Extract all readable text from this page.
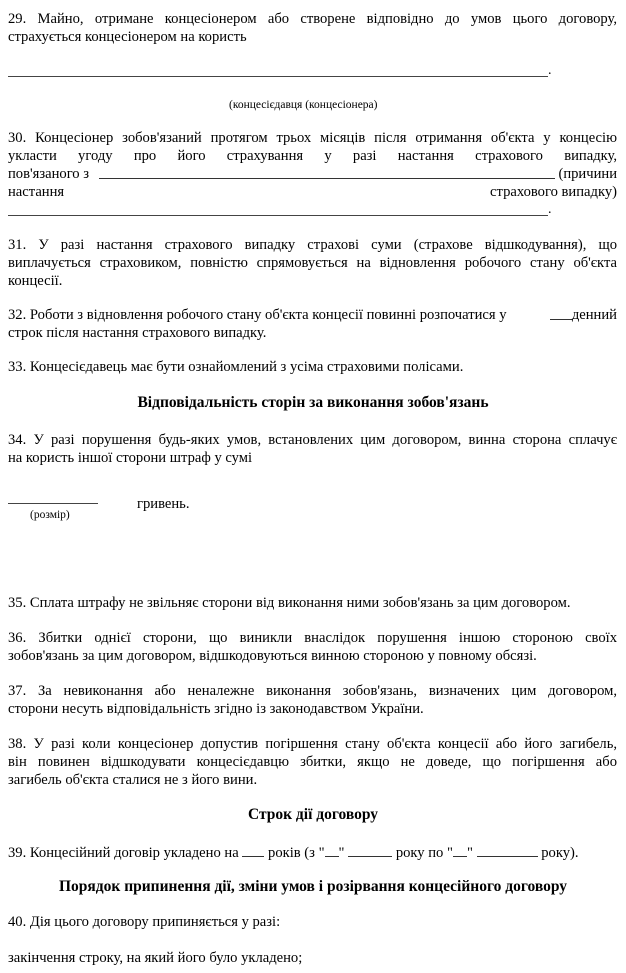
29. Майно, отримане концесіонером або створене відповідно до умов цього договору,
страхується концесіонером на користь
.
(концесієдавця (концесіонера)
30. Концесіонер зобов'язаний протягом трьох місяців після отримання об'єкта у концесію
укласти угоду про його страхування у разі настання страхового випадку,
пов'язаного з	(причини
настання	страхового випадку)
.
31. У разі настання страхового випадку страхові суми (страхове відшкодування), що
виплачується страховиком, повністю спрямовується на відновлення робочого стану об'єкта
концесії.
32. Роботи з відновлення робочого стану об'єкта концесії повинні розпочатися у	денний
строк після настання страхового випадку.
33. Концесієдавець має бути ознайомлений з усіма страховими полісами.
Відповідальність сторін за виконання зобов'язань
34. У разі порушення будь-яких умов, встановлених цим договором, винна сторона сплачує
на користь іншої сторони штраф у сумі
гривень.
(розмір)
35. Сплата штрафу не звільняє сторони від виконання ними зобов'язань за цим договором.
36. Збитки однієї сторони, що виникли внаслідок порушення іншою стороною своїх
зобов'язань за цим договором, відшкодовуються винною стороною у повному обсязі.
37. За невиконання або неналежне виконання зобов'язань, визначених цим договором,
сторони несуть відповідальність згідно із законодавством України.
38. У разі коли концесіонер допустив погіршення стану об'єкта концесії або його загибель,
він повинен відшкодувати концесієдавцю збитки, якщо не доведе, що погіршення або
загибель об'єкта сталися не з його вини.
Строк дії договору
39. Концесійний договір укладено на років (з " "	року по " "	року).
Порядок припинення дії, зміни умов і розірвання концесійного договору
40. Дія цього договору припиняється у разі:
закінчення строку, на який його було укладено;
